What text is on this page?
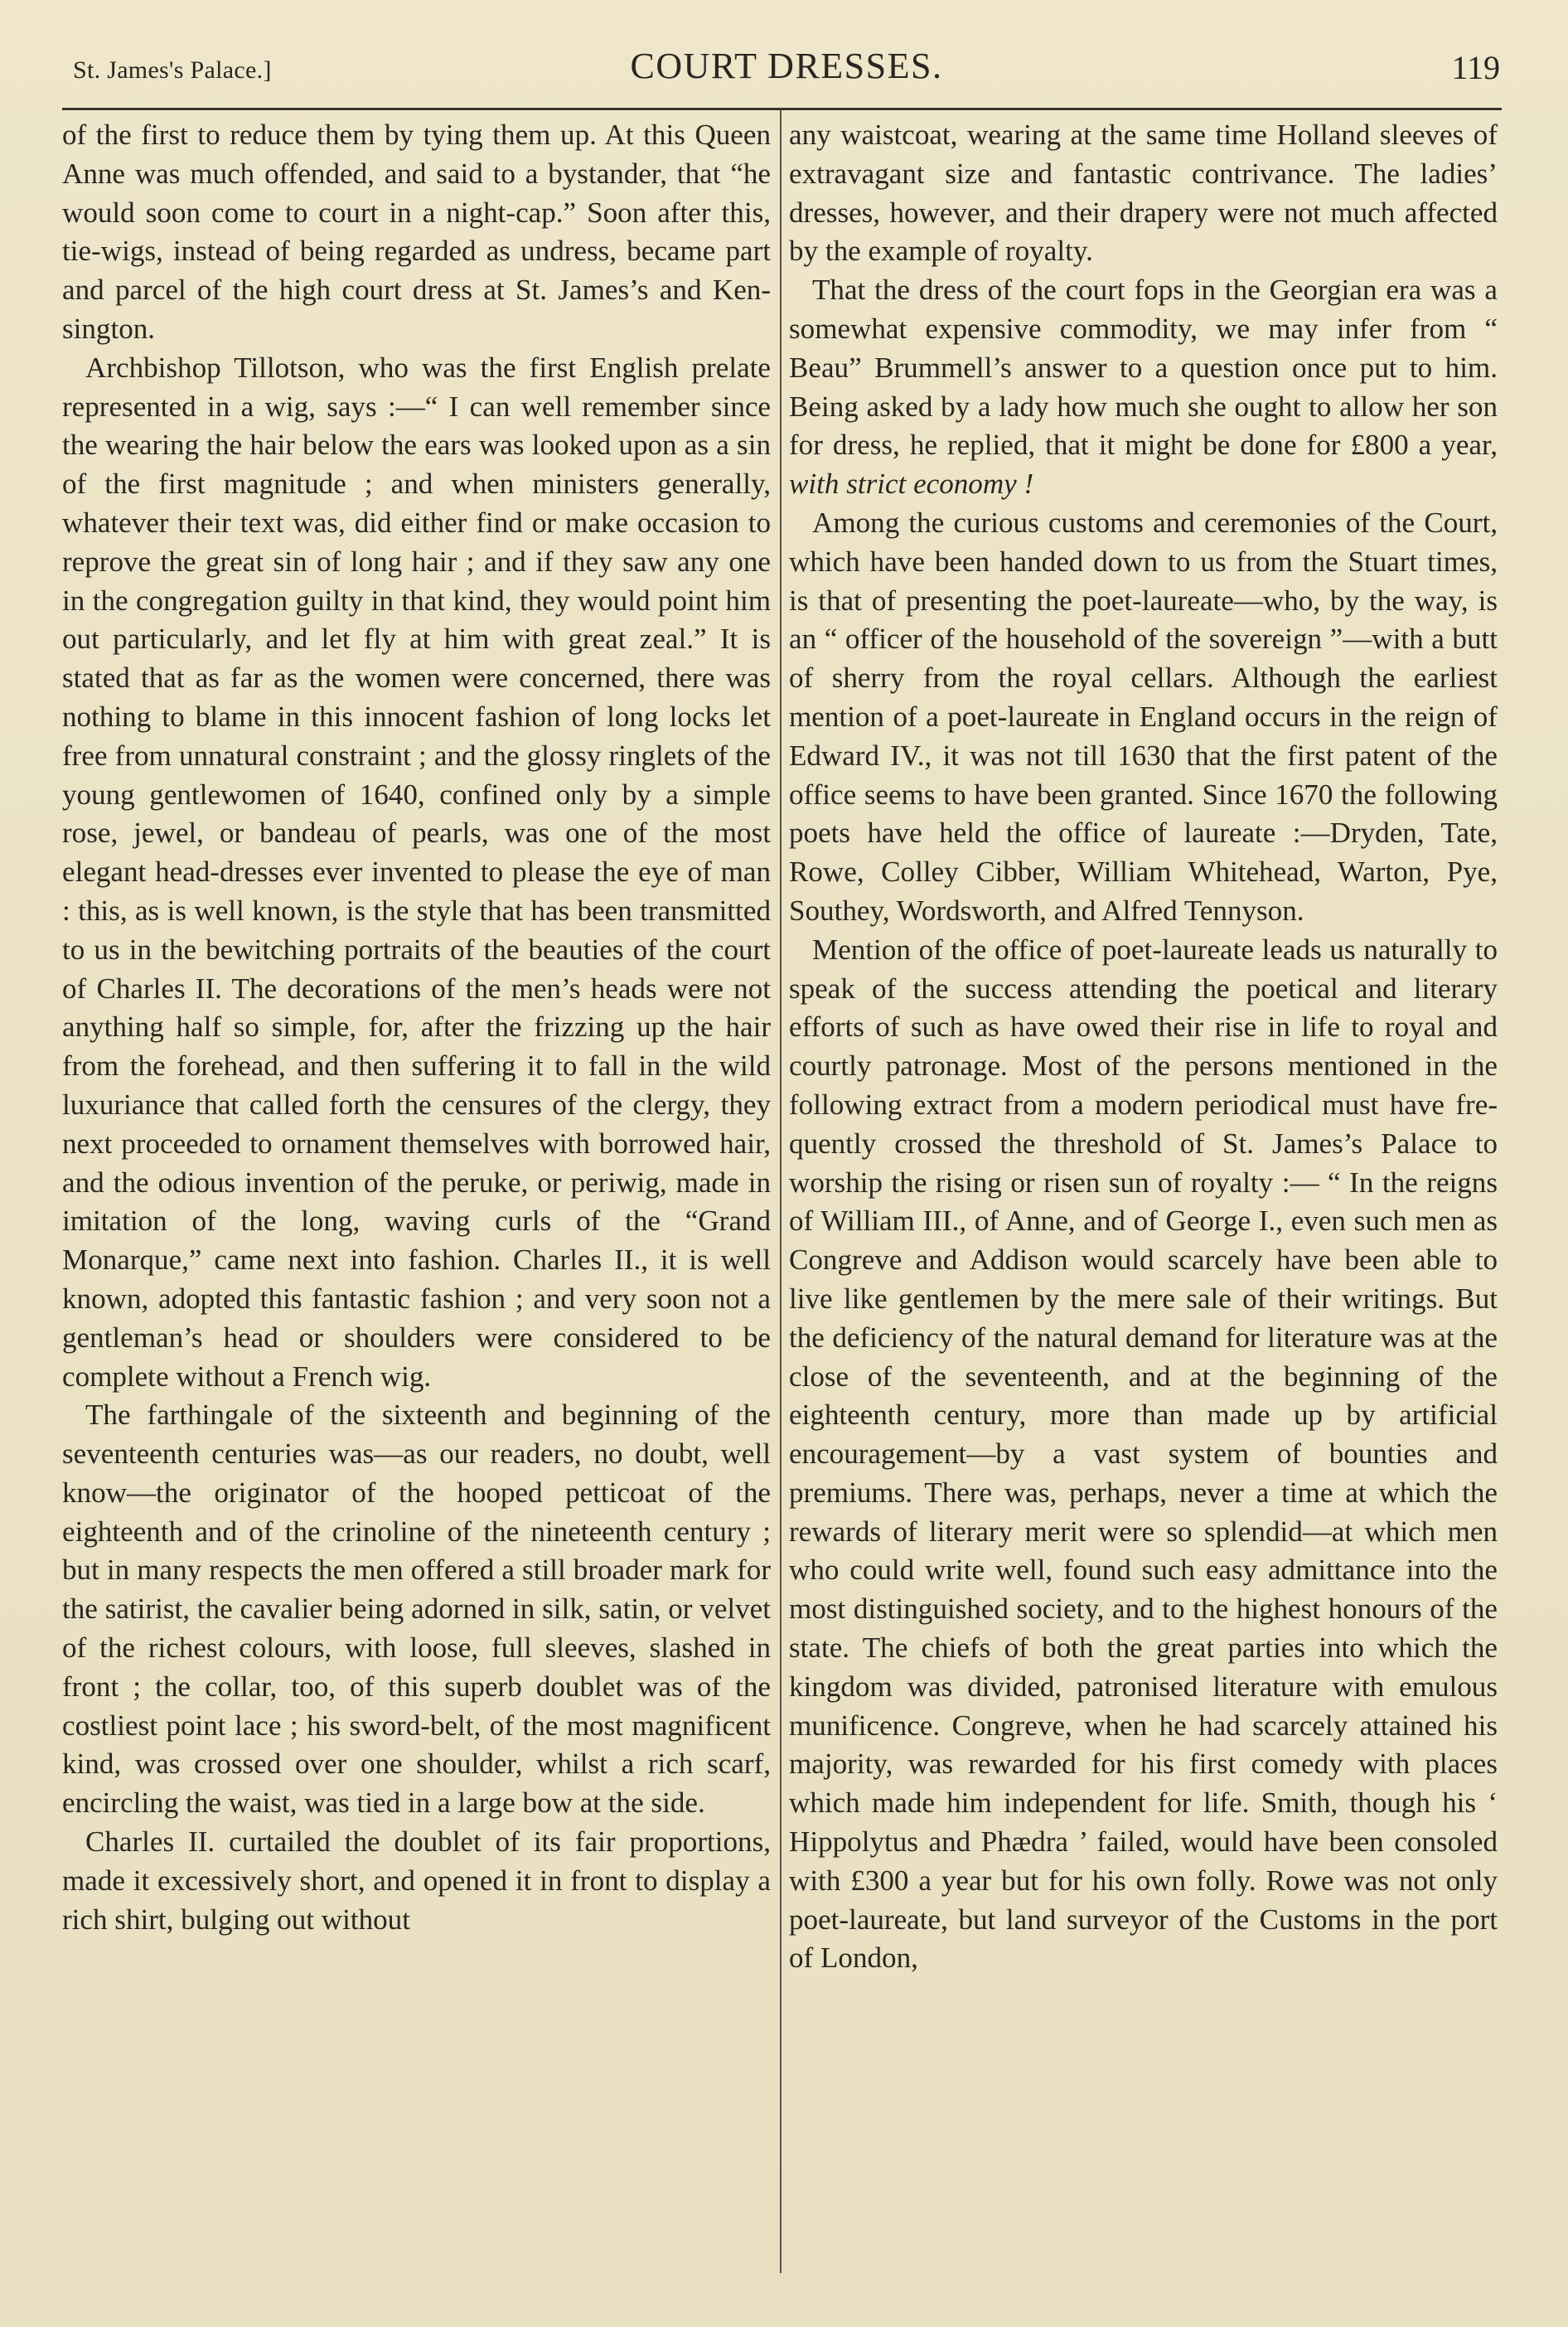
St. James's Palace.]	COURT DRESSES.	119

of the first to reduce them by tying them up. At this Queen Anne was much offended, and said to a bystander, that “he would soon come to court in a night-cap.” Soon after this, tie-wigs, instead of being regarded as undress, became part and parcel of the high court dress at St. James’s and Kensington.

Archbishop Tillotson, who was the first English prelate represented in a wig, says :—“ I can well remember since the wearing the hair below the ears was looked upon as a sin of the first magnitude ; and when ministers generally, whatever their text was, did either find or make occasion to reprove the great sin of long hair ; and if they saw any one in the congregation guilty in that kind, they would point him out particularly, and let fly at him with great zeal.” It is stated that as far as the women were concerned, there was nothing to blame in this innocent fashion of long locks let free from unnatural constraint ; and the glossy ringlets of the young gentlewomen of 1640, confined only by a simple rose, jewel, or bandeau of pearls, was one of the most elegant head-dresses ever invented to please the eye of man : this, as is well known, is the style that has been transmitted to us in the bewitching portraits of the beauties of the court of Charles II. The decorations of the men’s heads were not anything half so simple, for, after the frizzing up the hair from the forehead, and then suffering it to fall in the wild luxuriance that called forth the censures of the clergy, they next proceeded to ornament themselves with borrowed hair, and the odious invention of the peruke, or periwig, made in imitation of the long, waving curls of the “Grand Monarque,” came next into fashion. Charles II., it is well known, adopted this fantastic fashion ; and very soon not a gentleman’s head or shoulders were considered to be complete without a French wig.

The farthingale of the sixteenth and beginning of the seventeenth centuries was—as our readers, no doubt, well know—the originator of the hooped petticoat of the eighteenth and of the crinoline of the nineteenth century ; but in many respects the men offered a still broader mark for the satirist, the cavalier being adorned in silk, satin, or velvet of the richest colours, with loose, full sleeves, slashed in front ; the collar, too, of this superb doublet was of the costliest point lace ; his sword-belt, of the most magnificent kind, was crossed over one shoulder, whilst a rich scarf, encircling the waist, was tied in a large bow at the side.

Charles II. curtailed the doublet of its fair proportions, made it excessively short, and opened it in front to display a rich shirt, bulging out without

any waistcoat, wearing at the same time Holland sleeves of extravagant size and fantastic contrivance. The ladies’ dresses, however, and their drapery were not much affected by the example of royalty.

That the dress of the court fops in the Georgian era was a somewhat expensive commodity, we may infer from “ Beau” Brummell’s answer to a question once put to him. Being asked by a lady how much she ought to allow her son for dress, he replied, that it might be done for £800 a year, with strict economy !

Among the curious customs and ceremonies of the Court, which have been handed down to us from the Stuart times, is that of presenting the poet-laureate—who, by the way, is an “ officer of the household of the sovereign ”—with a butt of sherry from the royal cellars. Although the earliest mention of a poet-laureate in England occurs in the reign of Edward IV., it was not till 1630 that the first patent of the office seems to have been granted. Since 1670 the following poets have held the office of laureate :—Dryden, Tate, Rowe, Colley Cibber, William Whitehead, Warton, Pye, Southey, Wordsworth, and Alfred Tennyson.

Mention of the office of poet-laureate leads us naturally to speak of the success attending the poetical and literary efforts of such as have owed their rise in life to royal and courtly patronage. Most of the persons mentioned in the following extract from a modern periodical must have frequently crossed the threshold of St. James’s Palace to worship the rising or risen sun of royalty :— “ In the reigns of William III., of Anne, and of George I., even such men as Congreve and Addison would scarcely have been able to live like gentlemen by the mere sale of their writings. But the deficiency of the natural demand for literature was at the close of the seventeenth, and at the beginning of the eighteenth century, more than made up by artificial encouragement—by a vast system of bounties and premiums. There was, perhaps, never a time at which the rewards of literary merit were so splendid—at which men who could write well, found such easy admittance into the most distinguished society, and to the highest honours of the state. The chiefs of both the great parties into which the kingdom was divided, patronised literature with emulous munificence. Congreve, when he had scarcely attained his majority, was rewarded for his first comedy with places which made him independent for life. Smith, though his ‘ Hippolytus and Phædra ’ failed, would have been consoled with £300 a year but for his own folly. Rowe was not only poet-laureate, but land surveyor of the Customs in the port of London,
